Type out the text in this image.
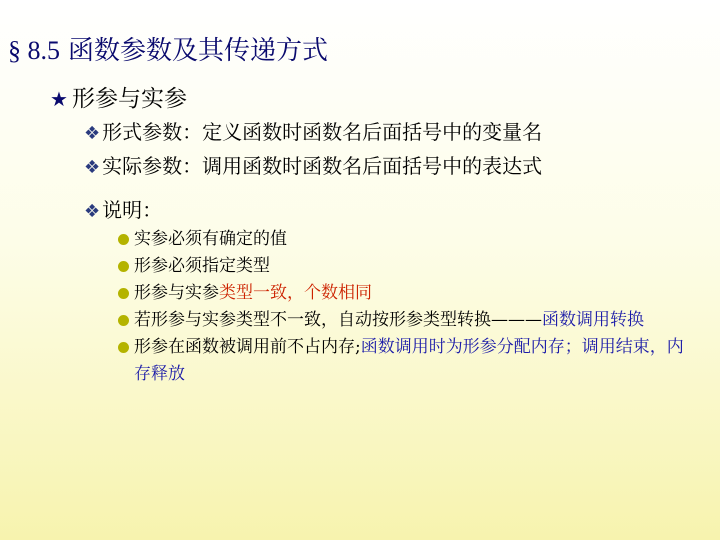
§ 8.5 函数参数及其传递方式
★ 形参与实参
❖ 形式参数：定义函数时函数名后面括号中的变量名
❖ 实际参数：调用函数时函数名后面括号中的表达式
❖ 说明：
实参必须有确定的值
形参必须指定类型
形参与实参类型一致，个数相同
若形参与实参类型不一致，自动按形参类型转换———函数调用转换
形参在函数被调用前不占内存;函数调用时为形参分配内存；调用结束，内存释放
